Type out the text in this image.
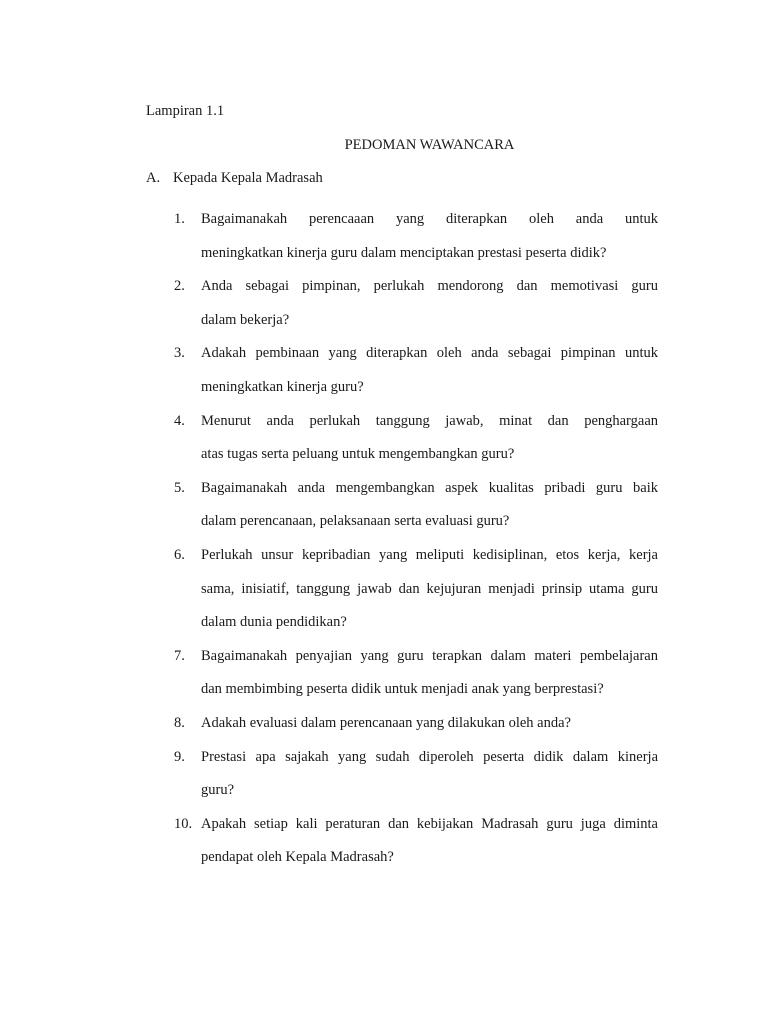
Lampiran 1.1
PEDOMAN WAWANCARA
A. Kepada Kepala Madrasah
1. Bagaimanakah perencaaan yang diterapkan oleh anda untuk
meningkatkan kinerja guru dalam menciptakan prestasi peserta didik?
2. Anda sebagai pimpinan, perlukah mendorong dan memotivasi guru
dalam bekerja?
3. Adakah pembinaan yang diterapkan oleh anda sebagai pimpinan untuk
meningkatkan kinerja guru?
4. Menurut anda perlukah tanggung jawab, minat dan penghargaan
atas tugas serta peluang untuk mengembangkan guru?
5. Bagaimanakah anda mengembangkan aspek kualitas pribadi guru baik
dalam perencanaan, pelaksanaan serta evaluasi guru?
6. Perlukah unsur kepribadian yang meliputi kedisiplinan, etos kerja, kerja
sama, inisiatif, tanggung jawab dan kejujuran menjadi prinsip utama guru
dalam dunia pendidikan?
7. Bagaimanakah penyajian yang guru terapkan dalam materi pembelajaran
dan membimbing peserta didik untuk menjadi anak yang berprestasi?
8. Adakah evaluasi dalam perencanaan yang dilakukan oleh anda?
9. Prestasi apa sajakah yang sudah diperoleh peserta didik dalam kinerja
guru?
10. Apakah setiap kali peraturan dan kebijakan Madrasah guru juga diminta
pendapat oleh Kepala Madrasah?
